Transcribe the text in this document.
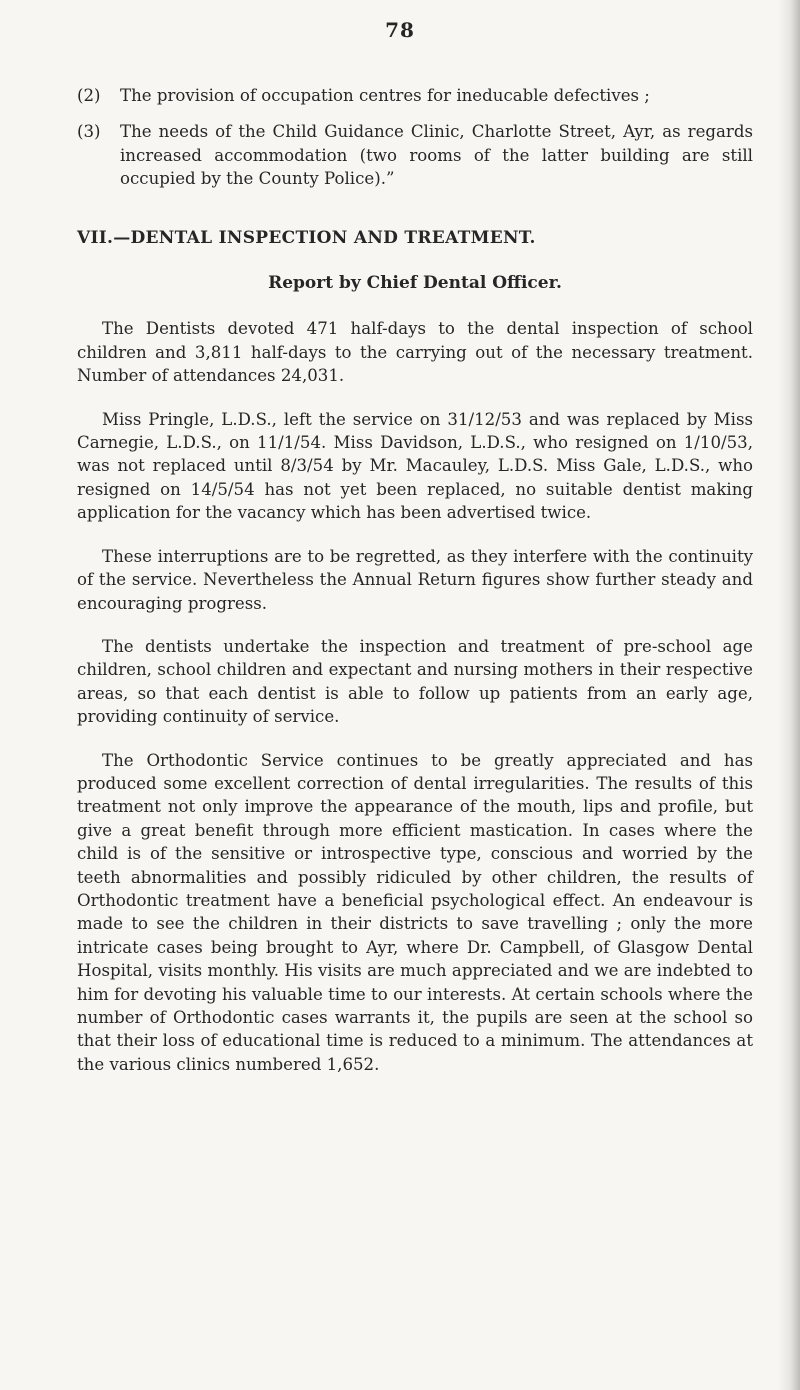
78
(2) The provision of occupation centres for ineducable defectives ;
(3) The needs of the Child Guidance Clinic, Charlotte Street, Ayr, as regards increased accommodation (two rooms of the latter building are still occupied by the County Police).”
VII.—DENTAL INSPECTION AND TREATMENT.
Report by Chief Dental Officer.

The Dentists devoted 471 half-days to the dental inspection of school children and 3,811 half-days to the carrying out of the necessary treatment. Number of attendances 24,031.

Miss Pringle, L.D.S., left the service on 31/12/53 and was replaced by Miss Carnegie, L.D.S., on 11/1/54. Miss Davidson, L.D.S., who resigned on 1/10/53, was not replaced until 8/3/54 by Mr. Macauley, L.D.S. Miss Gale, L.D.S., who resigned on 14/5/54 has not yet been replaced, no suitable dentist making application for the vacancy which has been advertised twice.

These interruptions are to be regretted, as they interfere with the continuity of the service. Nevertheless the Annual Return figures show further steady and encouraging progress.

The dentists undertake the inspection and treatment of pre-school age children, school children and expectant and nursing mothers in their respective areas, so that each dentist is able to follow up patients from an early age, providing continuity of service.

The Orthodontic Service continues to be greatly appreciated and has produced some excellent correction of dental irregularities. The results of this treatment not only improve the appearance of the mouth, lips and profile, but give a great benefit through more efficient mastication. In cases where the child is of the sensitive or introspective type, conscious and worried by the teeth abnormalities and possibly ridiculed by other children, the results of Orthodontic treatment have a beneficial psychological effect. An endeavour is made to see the children in their districts to save travelling ; only the more intricate cases being brought to Ayr, where Dr. Campbell, of Glasgow Dental Hospital, visits monthly. His visits are much appreciated and we are indebted to him for devoting his valuable time to our interests. At certain schools where the number of Orthodontic cases warrants it, the pupils are seen at the school so that their loss of educational time is reduced to a minimum. The attendances at the various clinics numbered 1,652.
